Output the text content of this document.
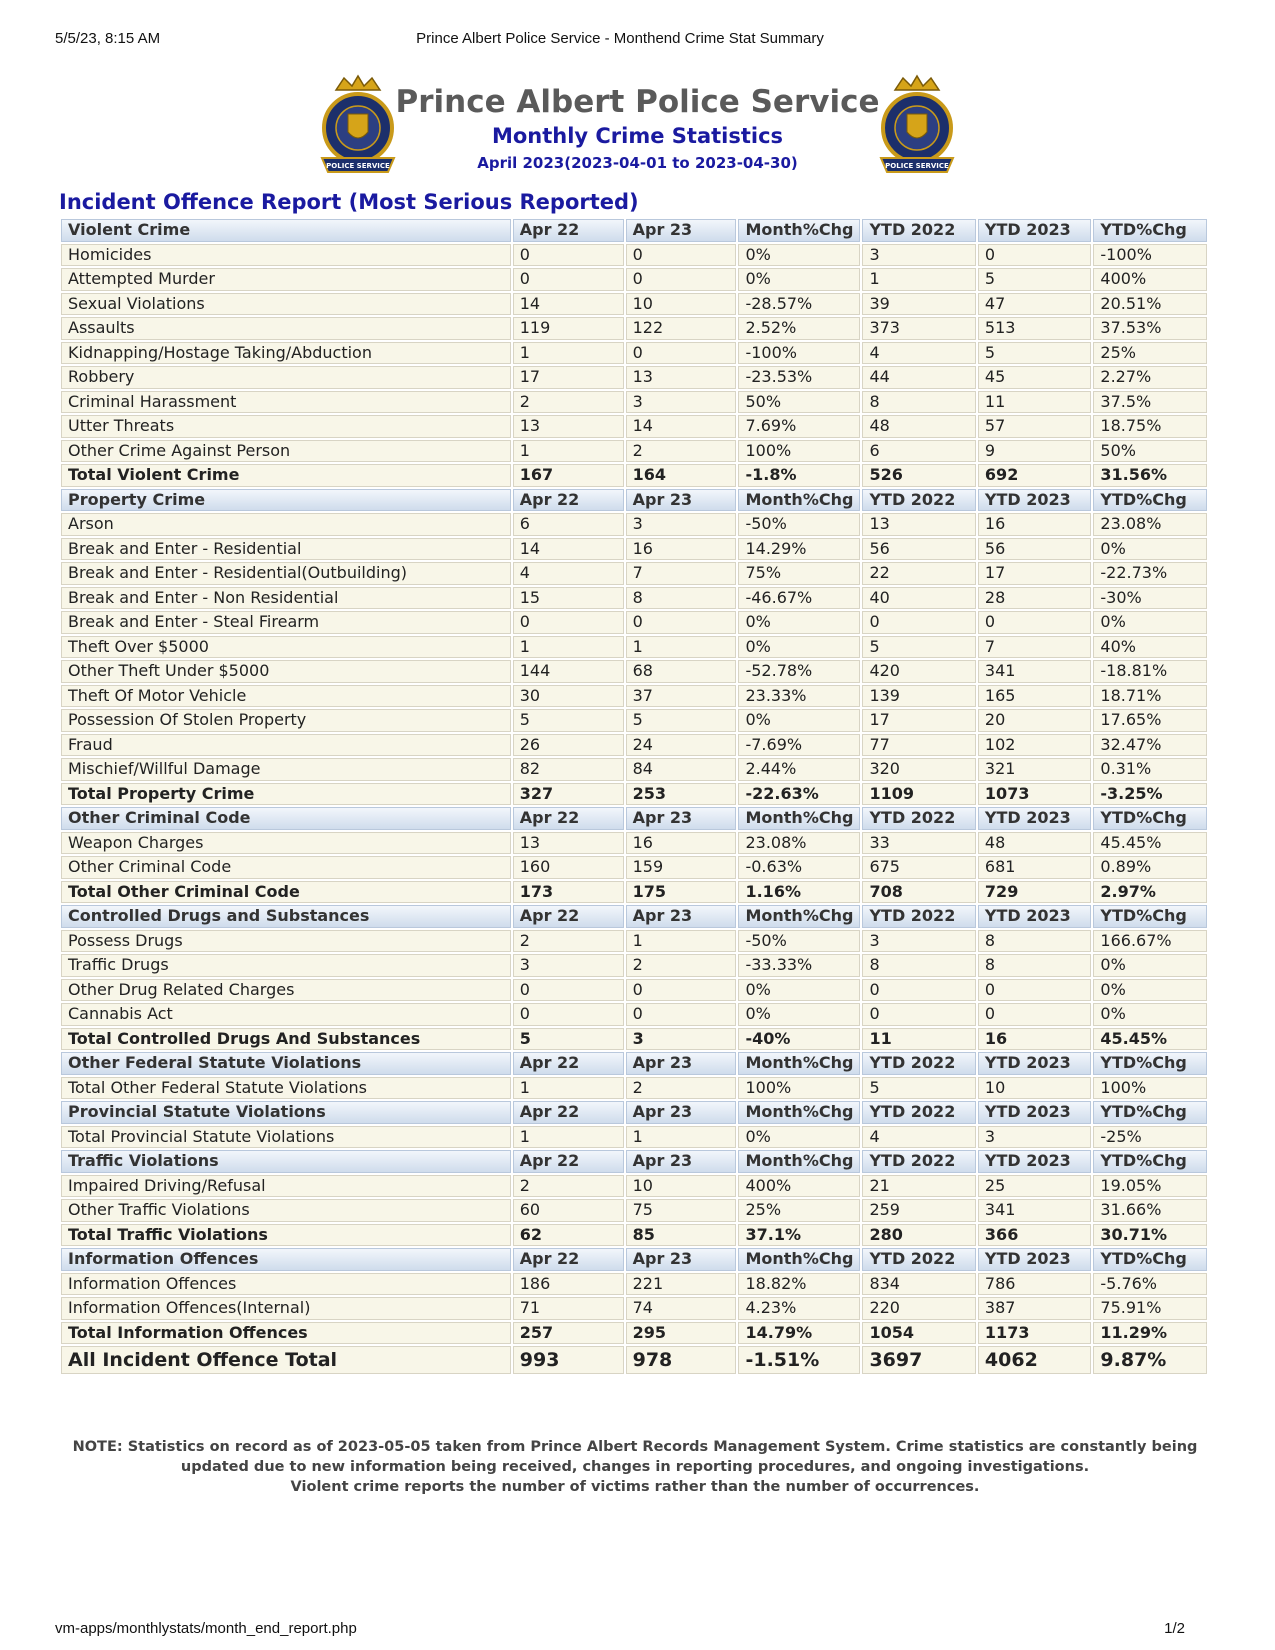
5/5/23, 8:15 AM	Prince Albert Police Service - Monthend Crime Stat Summary
POLICE SERVICE
Prince Albert Police Service
Monthly Crime Statistics
April 2023(2023-04-01 to 2023-04-30)	POLICE SERVICE
Incident Offence Report (Most Serious Reported)
Violent Crime	Apr 22	Apr 23	Month%Chg	YTD 2022	YTD 2023	YTD%Chg
Homicides	0	0	0%	3	0	-100%
Attempted Murder	0	0	0%	1	5	400%
Sexual Violations	14	10	-28.57%	39	47	20.51%
Assaults	119	122	2.52%	373	513	37.53%
Kidnapping/Hostage Taking/Abduction	1	0	-100%	4	5	25%
Robbery	17	13	-23.53%	44	45	2.27%
Criminal Harassment	2	3	50%	8	11	37.5%
Utter Threats	13	14	7.69%	48	57	18.75%
Other Crime Against Person	1	2	100%	6	9	50%
Total Violent Crime	167	164	-1.8%	526	692	31.56%
Property Crime	Apr 22	Apr 23	Month%Chg	YTD 2022	YTD 2023	YTD%Chg
Arson	6	3	-50%	13	16	23.08%
Break and Enter - Residential	14	16	14.29%	56	56	0%
Break and Enter - Residential(Outbuilding)	4	7	75%	22	17	-22.73%
Break and Enter - Non Residential	15	8	-46.67%	40	28	-30%
Break and Enter - Steal Firearm	0	0	0%	0	0	0%
Theft Over $5000	1	1	0%	5	7	40%
Other Theft Under $5000	144	68	-52.78%	420	341	-18.81%
Theft Of Motor Vehicle	30	37	23.33%	139	165	18.71%
Possession Of Stolen Property	5	5	0%	17	20	17.65%
Fraud	26	24	-7.69%	77	102	32.47%
Mischief/Willful Damage	82	84	2.44%	320	321	0.31%
Total Property Crime	327	253	-22.63%	1109	1073	-3.25%
Other Criminal Code	Apr 22	Apr 23	Month%Chg	YTD 2022	YTD 2023	YTD%Chg
Weapon Charges	13	16	23.08%	33	48	45.45%
Other Criminal Code	160	159	-0.63%	675	681	0.89%
Total Other Criminal Code	173	175	1.16%	708	729	2.97%
Controlled Drugs and Substances	Apr 22	Apr 23	Month%Chg	YTD 2022	YTD 2023	YTD%Chg
Possess Drugs	2	1	-50%	3	8	166.67%
Traffic Drugs	3	2	-33.33%	8	8	0%
Other Drug Related Charges	0	0	0%	0	0	0%
Cannabis Act	0	0	0%	0	0	0%
Total Controlled Drugs And Substances	5	3	-40%	11	16	45.45%
Other Federal Statute Violations	Apr 22	Apr 23	Month%Chg	YTD 2022	YTD 2023	YTD%Chg
Total Other Federal Statute Violations	1	2	100%	5	10	100%
Provincial Statute Violations	Apr 22	Apr 23	Month%Chg	YTD 2022	YTD 2023	YTD%Chg
Total Provincial Statute Violations	1	1	0%	4	3	-25%
Traffic Violations	Apr 22	Apr 23	Month%Chg	YTD 2022	YTD 2023	YTD%Chg
Impaired Driving/Refusal	2	10	400%	21	25	19.05%
Other Traffic Violations	60	75	25%	259	341	31.66%
Total Traffic Violations	62	85	37.1%	280	366	30.71%
Information Offences	Apr 22	Apr 23	Month%Chg	YTD 2022	YTD 2023	YTD%Chg
Information Offences	186	221	18.82%	834	786	-5.76%
Information Offences(Internal)	71	74	4.23%	220	387	75.91%
Total Information Offences	257	295	14.79%	1054	1173	11.29%
All Incident Offence Total	993	978	-1.51%	3697	4062	9.87%
NOTE: Statistics on record as of 2023-05-05 taken from Prince Albert Records Management System. Crime statistics are constantly being
updated due to new information being received, changes in reporting procedures, and ongoing investigations.
Violent crime reports the number of victims rather than the number of occurrences.
vm-apps/monthlystats/month_end_report.php	1/2
